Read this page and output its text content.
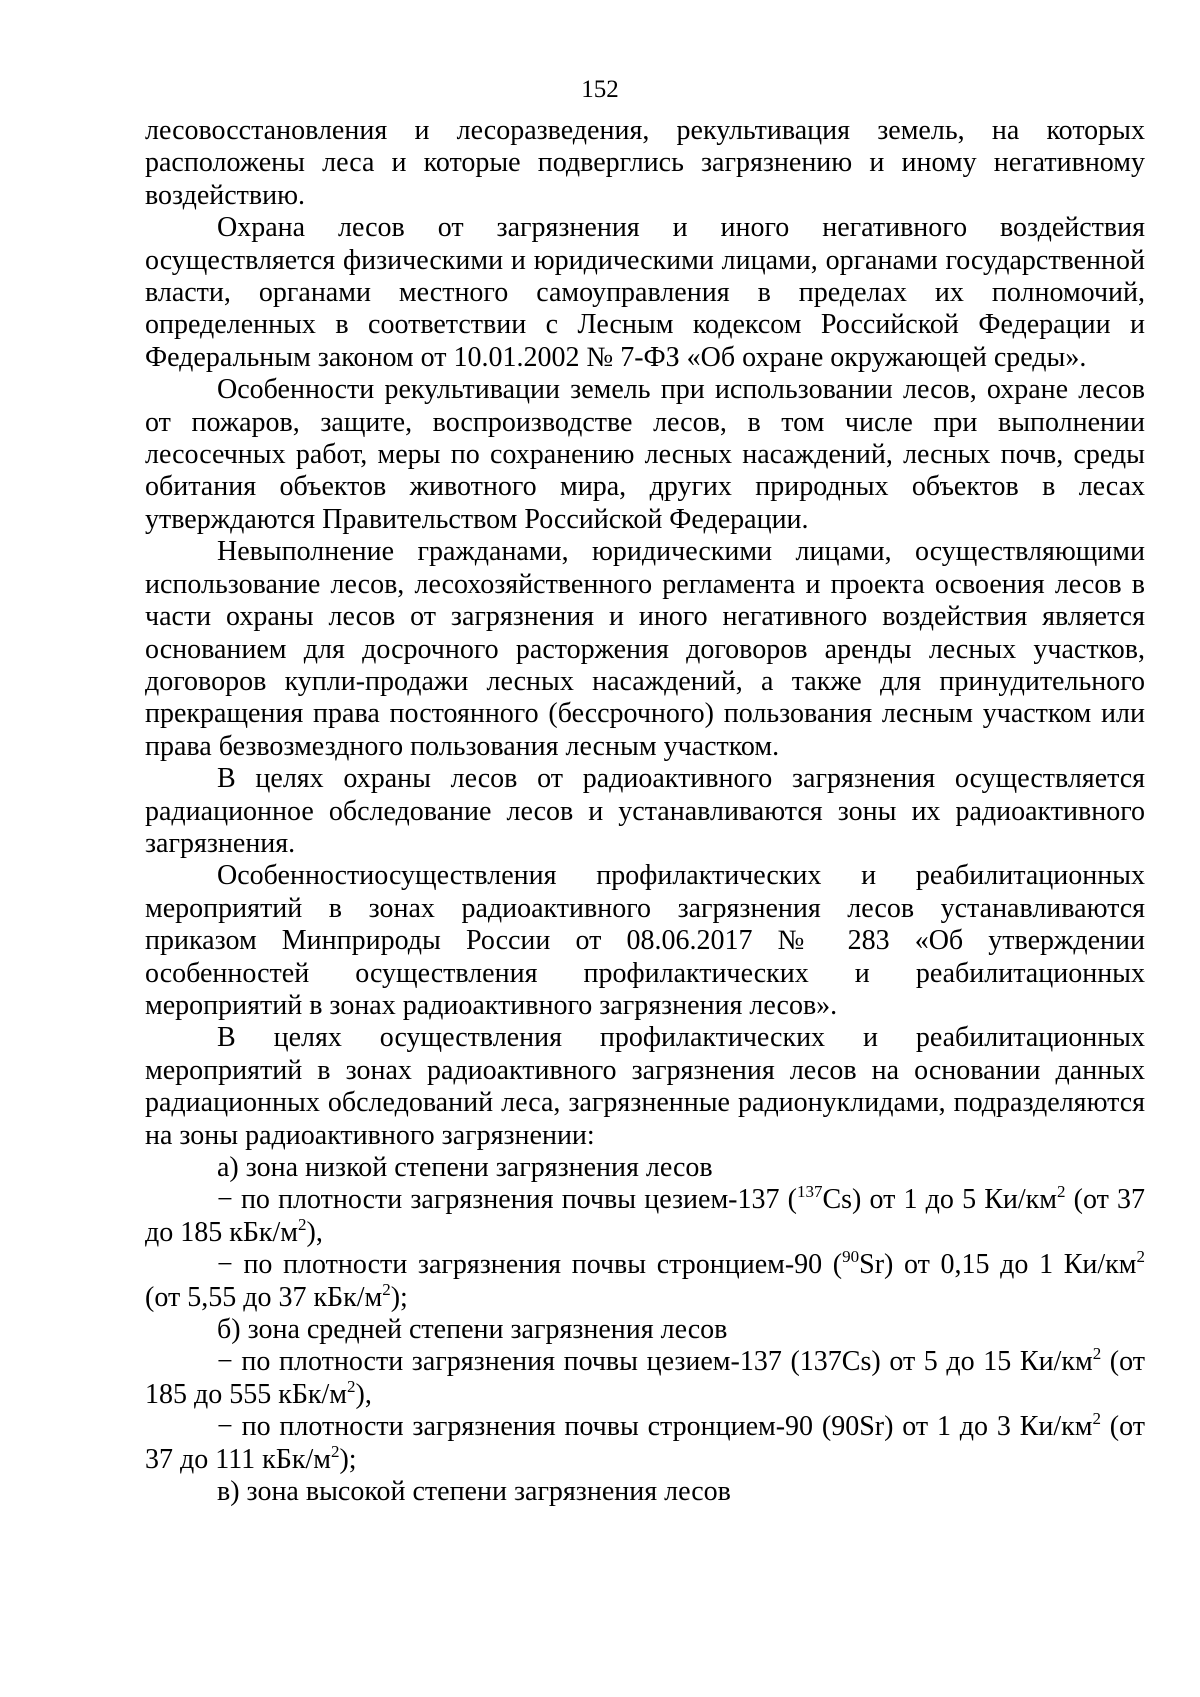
152

лесовосстановления и лесоразведения, рекультивация земель, на которых расположены леса и которые подверглись загрязнению и иному негативному воздействию.

Охрана лесов от загрязнения и иного негативного воздействия осуществляется физическими и юридическими лицами, органами государственной власти, органами местного самоуправления в пределах их полномочий, определенных в соответствии с Лесным кодексом Российской Федерации и Федеральным законом от 10.01.2002 № 7-ФЗ «Об охране окружающей среды».

Особенности рекультивации земель при использовании лесов, охране лесов от пожаров, защите, воспроизводстве лесов, в том числе при выполнении лесосечных работ, меры по сохранению лесных насаждений, лесных почв, среды обитания объектов животного мира, других природных объектов в лесах утверждаются Правительством Российской Федерации.

Невыполнение гражданами, юридическими лицами, осуществляющими использование лесов, лесохозяйственного регламента и проекта освоения лесов в части охраны лесов от загрязнения и иного негативного воздействия является основанием для досрочного расторжения договоров аренды лесных участков, договоров купли-продажи лесных насаждений, а также для принудительного прекращения права постоянного (бессрочного) пользования лесным участком или права безвозмездного пользования лесным участком.

В целях охраны лесов от радиоактивного загрязнения осуществляется радиационное обследование лесов и устанавливаются зоны их радиоактивного загрязнения.

Особенностиосуществления профилактических и реабилитационных мероприятий в зонах радиоактивного загрязнения лесов устанавливаются приказом Минприроды России от 08.06.2017 № 283 «Об утверждении особенностей осуществления профилактических и реабилитационных мероприятий в зонах радиоактивного загрязнения лесов».

В целях осуществления профилактических и реабилитационных мероприятий в зонах радиоактивного загрязнения лесов на основании данных радиационных обследований леса, загрязненные радионуклидами, подразделяются на зоны радиоактивного загрязнении:

а) зона низкой степени загрязнения лесов

− по плотности загрязнения почвы цезием-137 ($^{137}$Cs) от 1 до 5 $Ки/км^2$ (от 37 до 185 кБк/$м^2$),

− по плотности загрязнения почвы стронцием-90 ($^{90}$Sr) от 0,15 до 1 $Ки/км^2$ (от 5,55 до 37 кБк/$м^2$);

б) зона средней степени загрязнения лесов

− по плотности загрязнения почвы цезием-137 (137Cs) от 5 до 15 $Ки/км^2$ (от 185 до 555 кБк/$м^2$),

− по плотности загрязнения почвы стронцием-90 (90Sr) от 1 до 3 $Ки/км^2$ (от 37 до 111 кБк/$м^2$);

в) зона высокой степени загрязнения лесов
